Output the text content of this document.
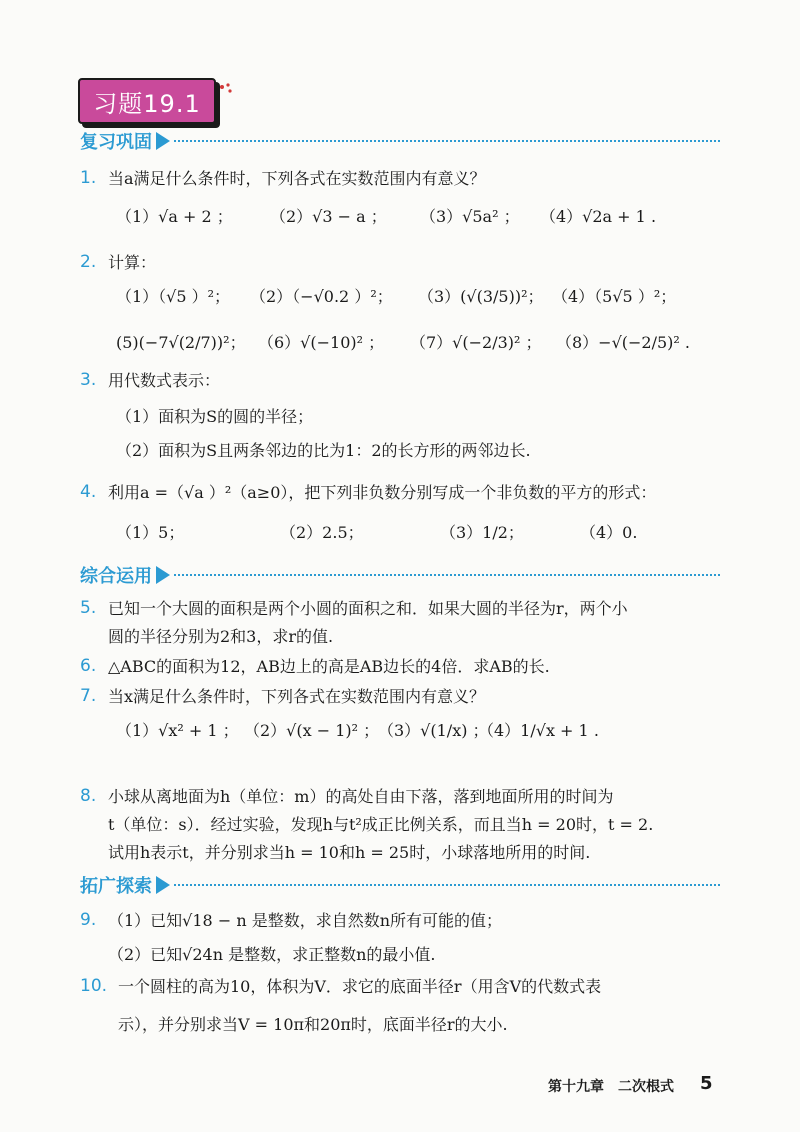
习题19.1
复习巩固
1. 当a满足什么条件时，下列各式在实数范围内有意义？
（1）√a + 2 ； （2）√3 − a ； （3）√5a² ； （4）√2a + 1 .
2. 计算：
（1）（√5 ）²； （2）（−√0.2 ）²； （3）(√(3/5))²； （4）（5√5 ）²；
(5)(−7√(2/7))²； （6）√(−10)² ； （7）√(−2/3)² ； （8）−√(−2/5)² .
3. 用代数式表示：
（1）面积为S的圆的半径；
（2）面积为S且两条邻边的比为1：2的长方形的两邻边长.
4. 利用a =（√a ）²（a≥0），把下列非负数分别写成一个非负数的平方的形式：
（1）5；	（2）2.5；	（3）1/2；	（4）0.
综合运用
5. 已知一个大圆的面积是两个小圆的面积之和．如果大圆的半径为r，两个小
圆的半径分别为2和3，求r的值.
6. △ABC的面积为12，AB边上的高是AB边长的4倍．求AB的长.
7. 当x满足什么条件时，下列各式在实数范围内有意义？
（1）√x² + 1 ； （2）√(x − 1)² ；
（3）√(1/x) ；
（4）1/√x + 1 .
8. 小球从离地面为h（单位：m）的高处自由下落，落到地面所用的时间为
t（单位：s）．经过实验，发现h与t²成正比例关系，而且当h = 20时，t = 2.
试用h表示t，并分别求当h = 10和h = 25时，小球落地所用的时间.
拓广探索
9. （1）已知√18 − n 是整数，求自然数n所有可能的值；
（2）已知√24n 是整数，求正整数n的最小值.
10. 一个圆柱的高为10，体积为V．求它的底面半径r（用含V的代数式表
示），并分别求当V = 10π和20π时，底面半径r的大小.
第十九章　二次根式 5
